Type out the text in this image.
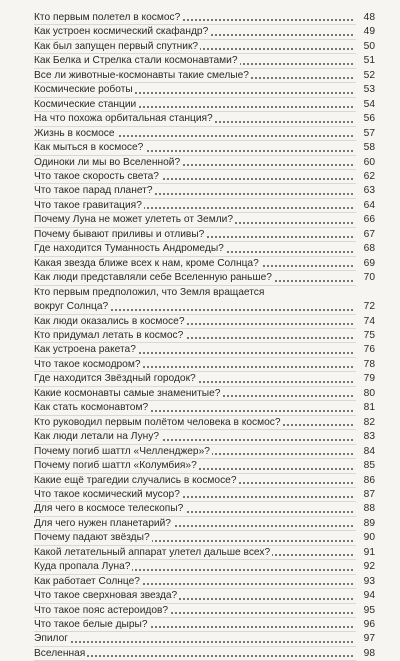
Кто первым полетел в космос?	48
Как устроен космический скафандр?	49
Как был запущен первый спутник?	50
Как Белка и Стрелка стали космонавтами?	51
Все ли животные-космонавты такие смелые?	52
Космические роботы	53
Космические станции	54
На что похожа орбитальная станция?	56
Жизнь в космосе	57
Как мыться в космосе?	58
Одиноки ли мы во Вселенной?	60
Что такое скорость света?	62
Что такое парад планет?	63
Что такое гравитация?	64
Почему Луна не может улететь от Земли?	66
Почему бывают приливы и отливы?	67
Где находится Туманность Андромеды?	68
Какая звезда ближе всех к нам, кроме Солнца?	69
Как люди представляли себе Вселенную раньше?	70
Кто первым предположил, что Земля вращается
вокруг Солнца?	72
Как люди оказались в космосе?	74
Кто придумал летать в космос?	75
Как устроена ракета?	76
Что такое космодром?	78
Где находится Звёздный городок?	79
Какие космонавты самые знаменитые?	80
Как стать космонавтом?	81
Кто руководил первым полётом человека в космос?	82
Как люди летали на Луну?	83
Почему погиб шаттл «Челленджер»?	84
Почему погиб шаттл «Колумбия»?	85
Какие ещё трагедии случались в космосе?	86
Что такое космический мусор?	87
Для чего в космосе телескопы?	88
Для чего нужен планетарий?	89
Почему падают звёзды?	90
Какой летательный аппарат улетел дальше всех?	91
Куда пропала Луна?	92
Как работает Солнце?	93
Что такое сверхновая звезда?	94
Что такое пояс астероидов?	95
Что такое белые дыры?	96
Эпилог	97
Вселенная	98
